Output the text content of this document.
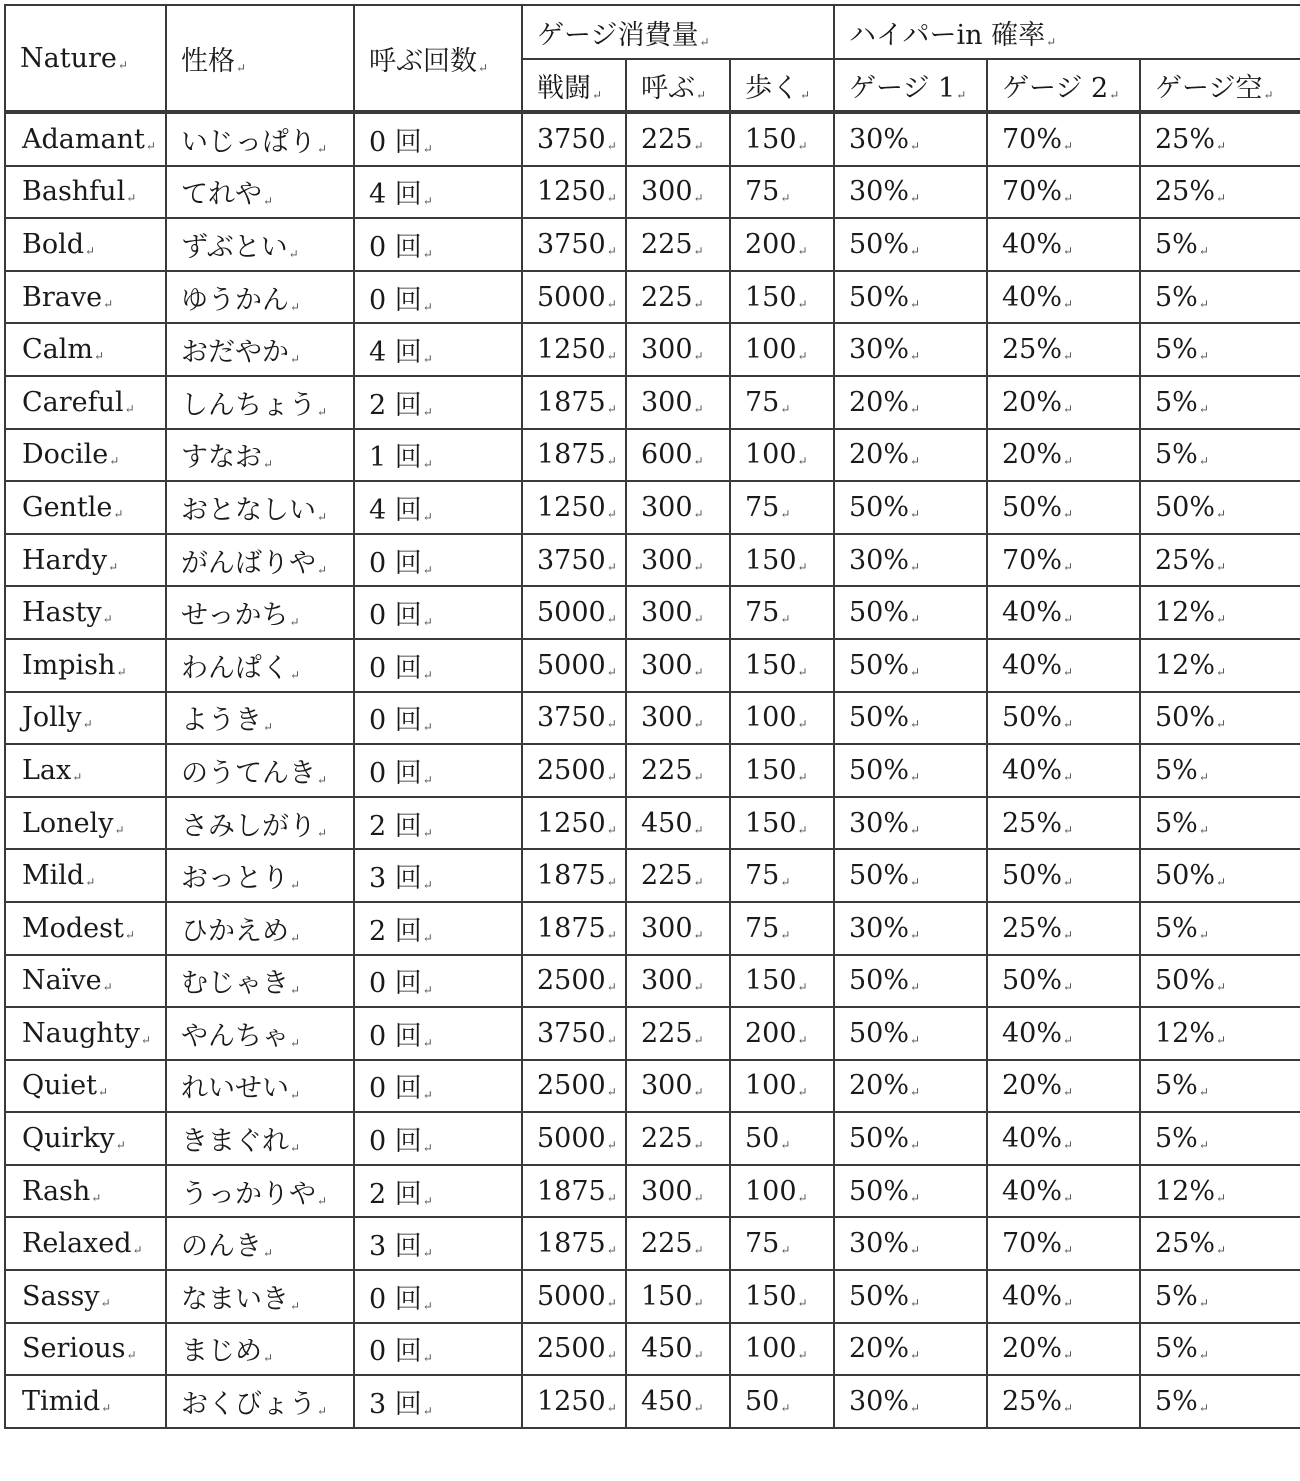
Nature↵	性格↵	呼ぶ回数↵	ゲージ消費量↵			ハイパーin 確率↵		
			戦闘↵	呼ぶ↵	歩く↵	ゲージ 1↵	ゲージ 2↵	ゲージ空↵
Adamant↵	いじっぱり↵	0 回↵	3750↵	225↵	150↵	30%↵	70%↵	25%↵
Bashful↵	てれや↵	4 回↵	1250↵	300↵	75↵	30%↵	70%↵	25%↵
Bold↵	ずぶとい↵	0 回↵	3750↵	225↵	200↵	50%↵	40%↵	5%↵
Brave↵	ゆうかん↵	0 回↵	5000↵	225↵	150↵	50%↵	40%↵	5%↵
Calm↵	おだやか↵	4 回↵	1250↵	300↵	100↵	30%↵	25%↵	5%↵
Careful↵	しんちょう↵	2 回↵	1875↵	300↵	75↵	20%↵	20%↵	5%↵
Docile↵	すなお↵	1 回↵	1875↵	600↵	100↵	20%↵	20%↵	5%↵
Gentle↵	おとなしい↵	4 回↵	1250↵	300↵	75↵	50%↵	50%↵	50%↵
Hardy↵	がんばりや↵	0 回↵	3750↵	300↵	150↵	30%↵	70%↵	25%↵
Hasty↵	せっかち↵	0 回↵	5000↵	300↵	75↵	50%↵	40%↵	12%↵
Impish↵	わんぱく↵	0 回↵	5000↵	300↵	150↵	50%↵	40%↵	12%↵
Jolly↵	ようき↵	0 回↵	3750↵	300↵	100↵	50%↵	50%↵	50%↵
Lax↵	のうてんき↵	0 回↵	2500↵	225↵	150↵	50%↵	40%↵	5%↵
Lonely↵	さみしがり↵	2 回↵	1250↵	450↵	150↵	30%↵	25%↵	5%↵
Mild↵	おっとり↵	3 回↵	1875↵	225↵	75↵	50%↵	50%↵	50%↵
Modest↵	ひかえめ↵	2 回↵	1875↵	300↵	75↵	30%↵	25%↵	5%↵
Naïve↵	むじゃき↵	0 回↵	2500↵	300↵	150↵	50%↵	50%↵	50%↵
Naughty↵	やんちゃ↵	0 回↵	3750↵	225↵	200↵	50%↵	40%↵	12%↵
Quiet↵	れいせい↵	0 回↵	2500↵	300↵	100↵	20%↵	20%↵	5%↵
Quirky↵	きまぐれ↵	0 回↵	5000↵	225↵	50↵	50%↵	40%↵	5%↵
Rash↵	うっかりや↵	2 回↵	1875↵	300↵	100↵	50%↵	40%↵	12%↵
Relaxed↵	のんき↵	3 回↵	1875↵	225↵	75↵	30%↵	70%↵	25%↵
Sassy↵	なまいき↵	0 回↵	5000↵	150↵	150↵	50%↵	40%↵	5%↵
Serious↵	まじめ↵	0 回↵	2500↵	450↵	100↵	20%↵	20%↵	5%↵
Timid↵	おくびょう↵	3 回↵	1250↵	450↵	50↵	30%↵	25%↵	5%↵
